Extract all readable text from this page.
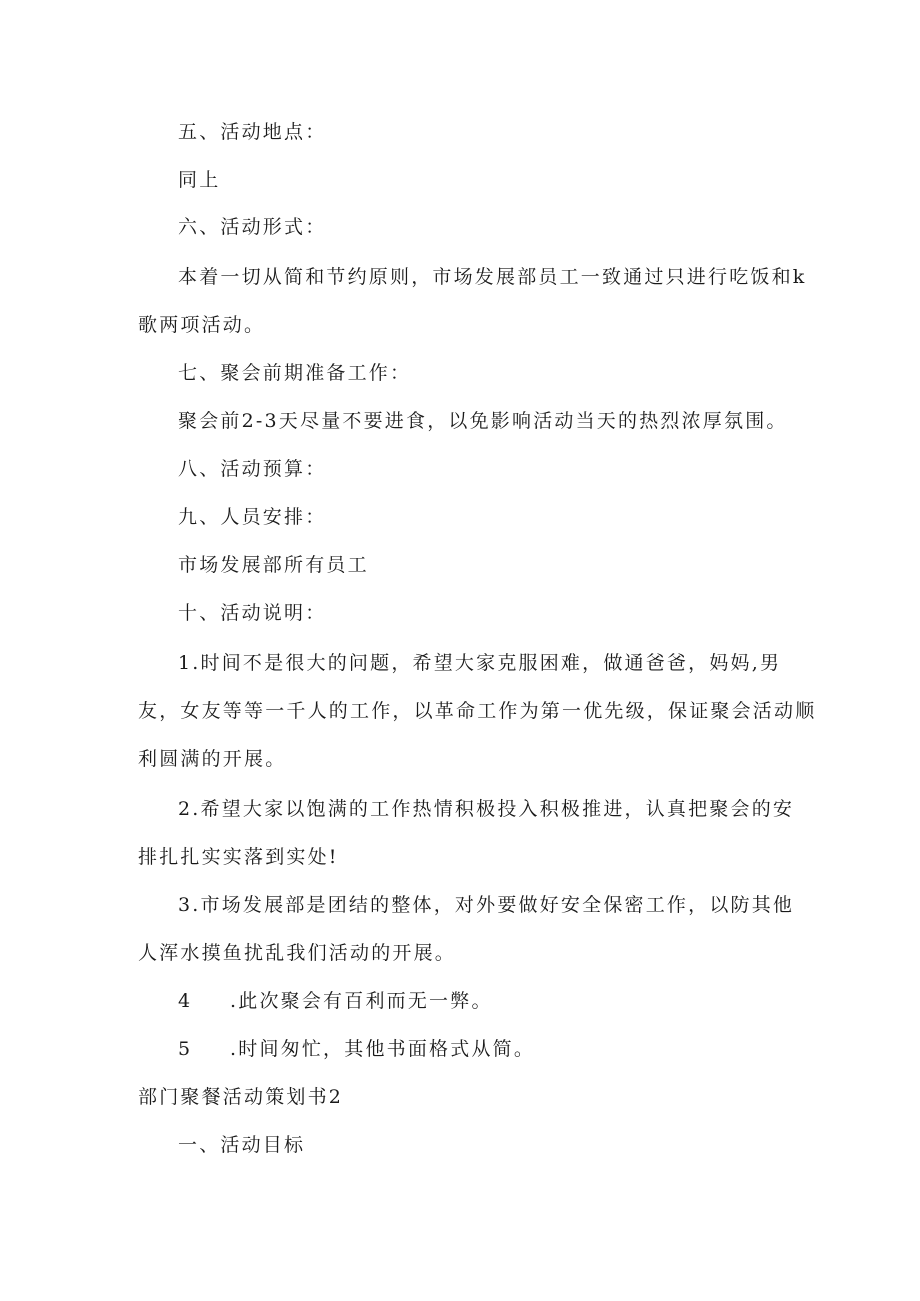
五、活动地点：

同上

六、活动形式：

本着一切从简和节约原则，市场发展部员工一致通过只进行吃饭和k

歌两项活动。

七、聚会前期准备工作：

聚会前2-3天尽量不要进食，以免影响活动当天的热烈浓厚氛围。

八、活动预算：

九、人员安排：

市场发展部所有员工

十、活动说明：

1.时间不是很大的问题，希望大家克服困难，做通爸爸，妈妈,男

友，女友等等一千人的工作，以革命工作为第一优先级，保证聚会活动顺

利圆满的开展。

2.希望大家以饱满的工作热情积极投入积极推进，认真把聚会的安

排扎扎实实落到实处!

3.市场发展部是团结的整体，对外要做好安全保密工作，以防其他

人浑水摸鱼扰乱我们活动的开展。

4 .此次聚会有百利而无一弊。

5 .时间匆忙，其他书面格式从简。

部门聚餐活动策划书2

一、活动目标
